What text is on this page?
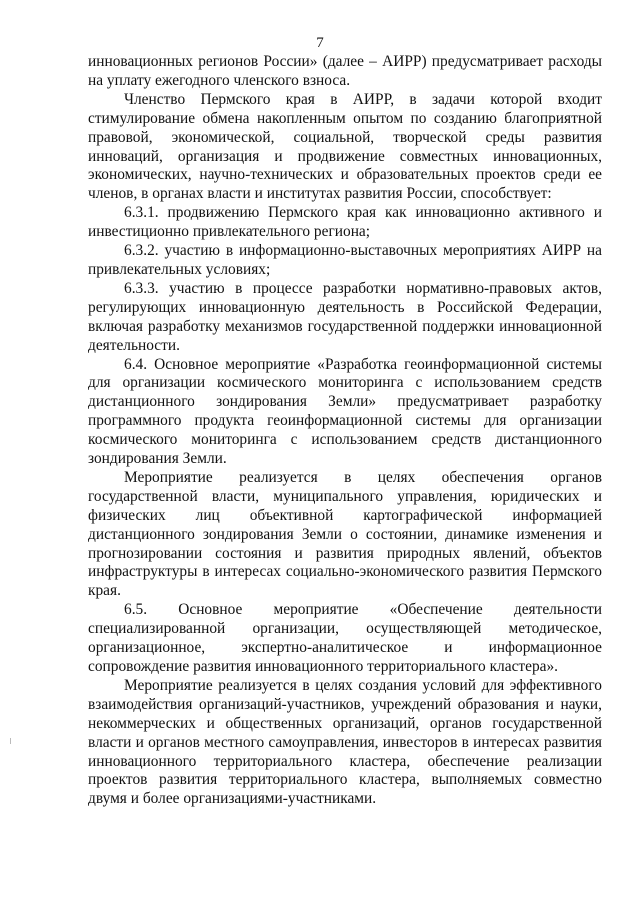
7

инновационных регионов России» (далее – АИРР) предусматривает расходы на уплату ежегодного членского взноса.

Членство Пермского края в АИРР, в задачи которой входит стимулирование обмена накопленным опытом по созданию благоприятной правовой, экономической, социальной, творческой среды развития инноваций, организация и продвижение совместных инновационных, экономических, научно-технических и образовательных проектов среди ее членов, в органах власти и институтах развития России, способствует:

6.3.1. продвижению Пермского края как инновационно активного и инвестиционно привлекательного региона;

6.3.2. участию в информационно-выставочных мероприятиях АИРР на привлекательных условиях;

6.3.3. участию в процессе разработки нормативно-правовых актов, регулирующих инновационную деятельность в Российской Федерации, включая разработку механизмов государственной поддержки инновационной деятельности.

6.4. Основное мероприятие «Разработка геоинформационной системы для организации космического мониторинга с использованием средств дистанционного зондирования Земли» предусматривает разработку программного продукта геоинформационной системы для организации космического мониторинга с использованием средств дистанционного зондирования Земли.

Мероприятие реализуется в целях обеспечения органов государственной власти, муниципального управления, юридических и физических лиц объективной картографической информацией дистанционного зондирования Земли о состоянии, динамике изменения и прогнозировании состояния и развития природных явлений, объектов инфраструктуры в интересах социально-экономического развития Пермского края.

6.5. Основное мероприятие «Обеспечение деятельности специализированной организации, осуществляющей методическое, организационное, экспертно-аналитическое и информационное сопровождение развития инновационного территориального кластера».

Мероприятие реализуется в целях создания условий для эффективного взаимодействия организаций-участников, учреждений образования и науки, некоммерческих и общественных организаций, органов государственной власти и органов местного самоуправления, инвесторов в интересах развития инновационного территориального кластера, обеспечение реализации проектов развития территориального кластера, выполняемых совместно двумя и более организациями-участниками.
